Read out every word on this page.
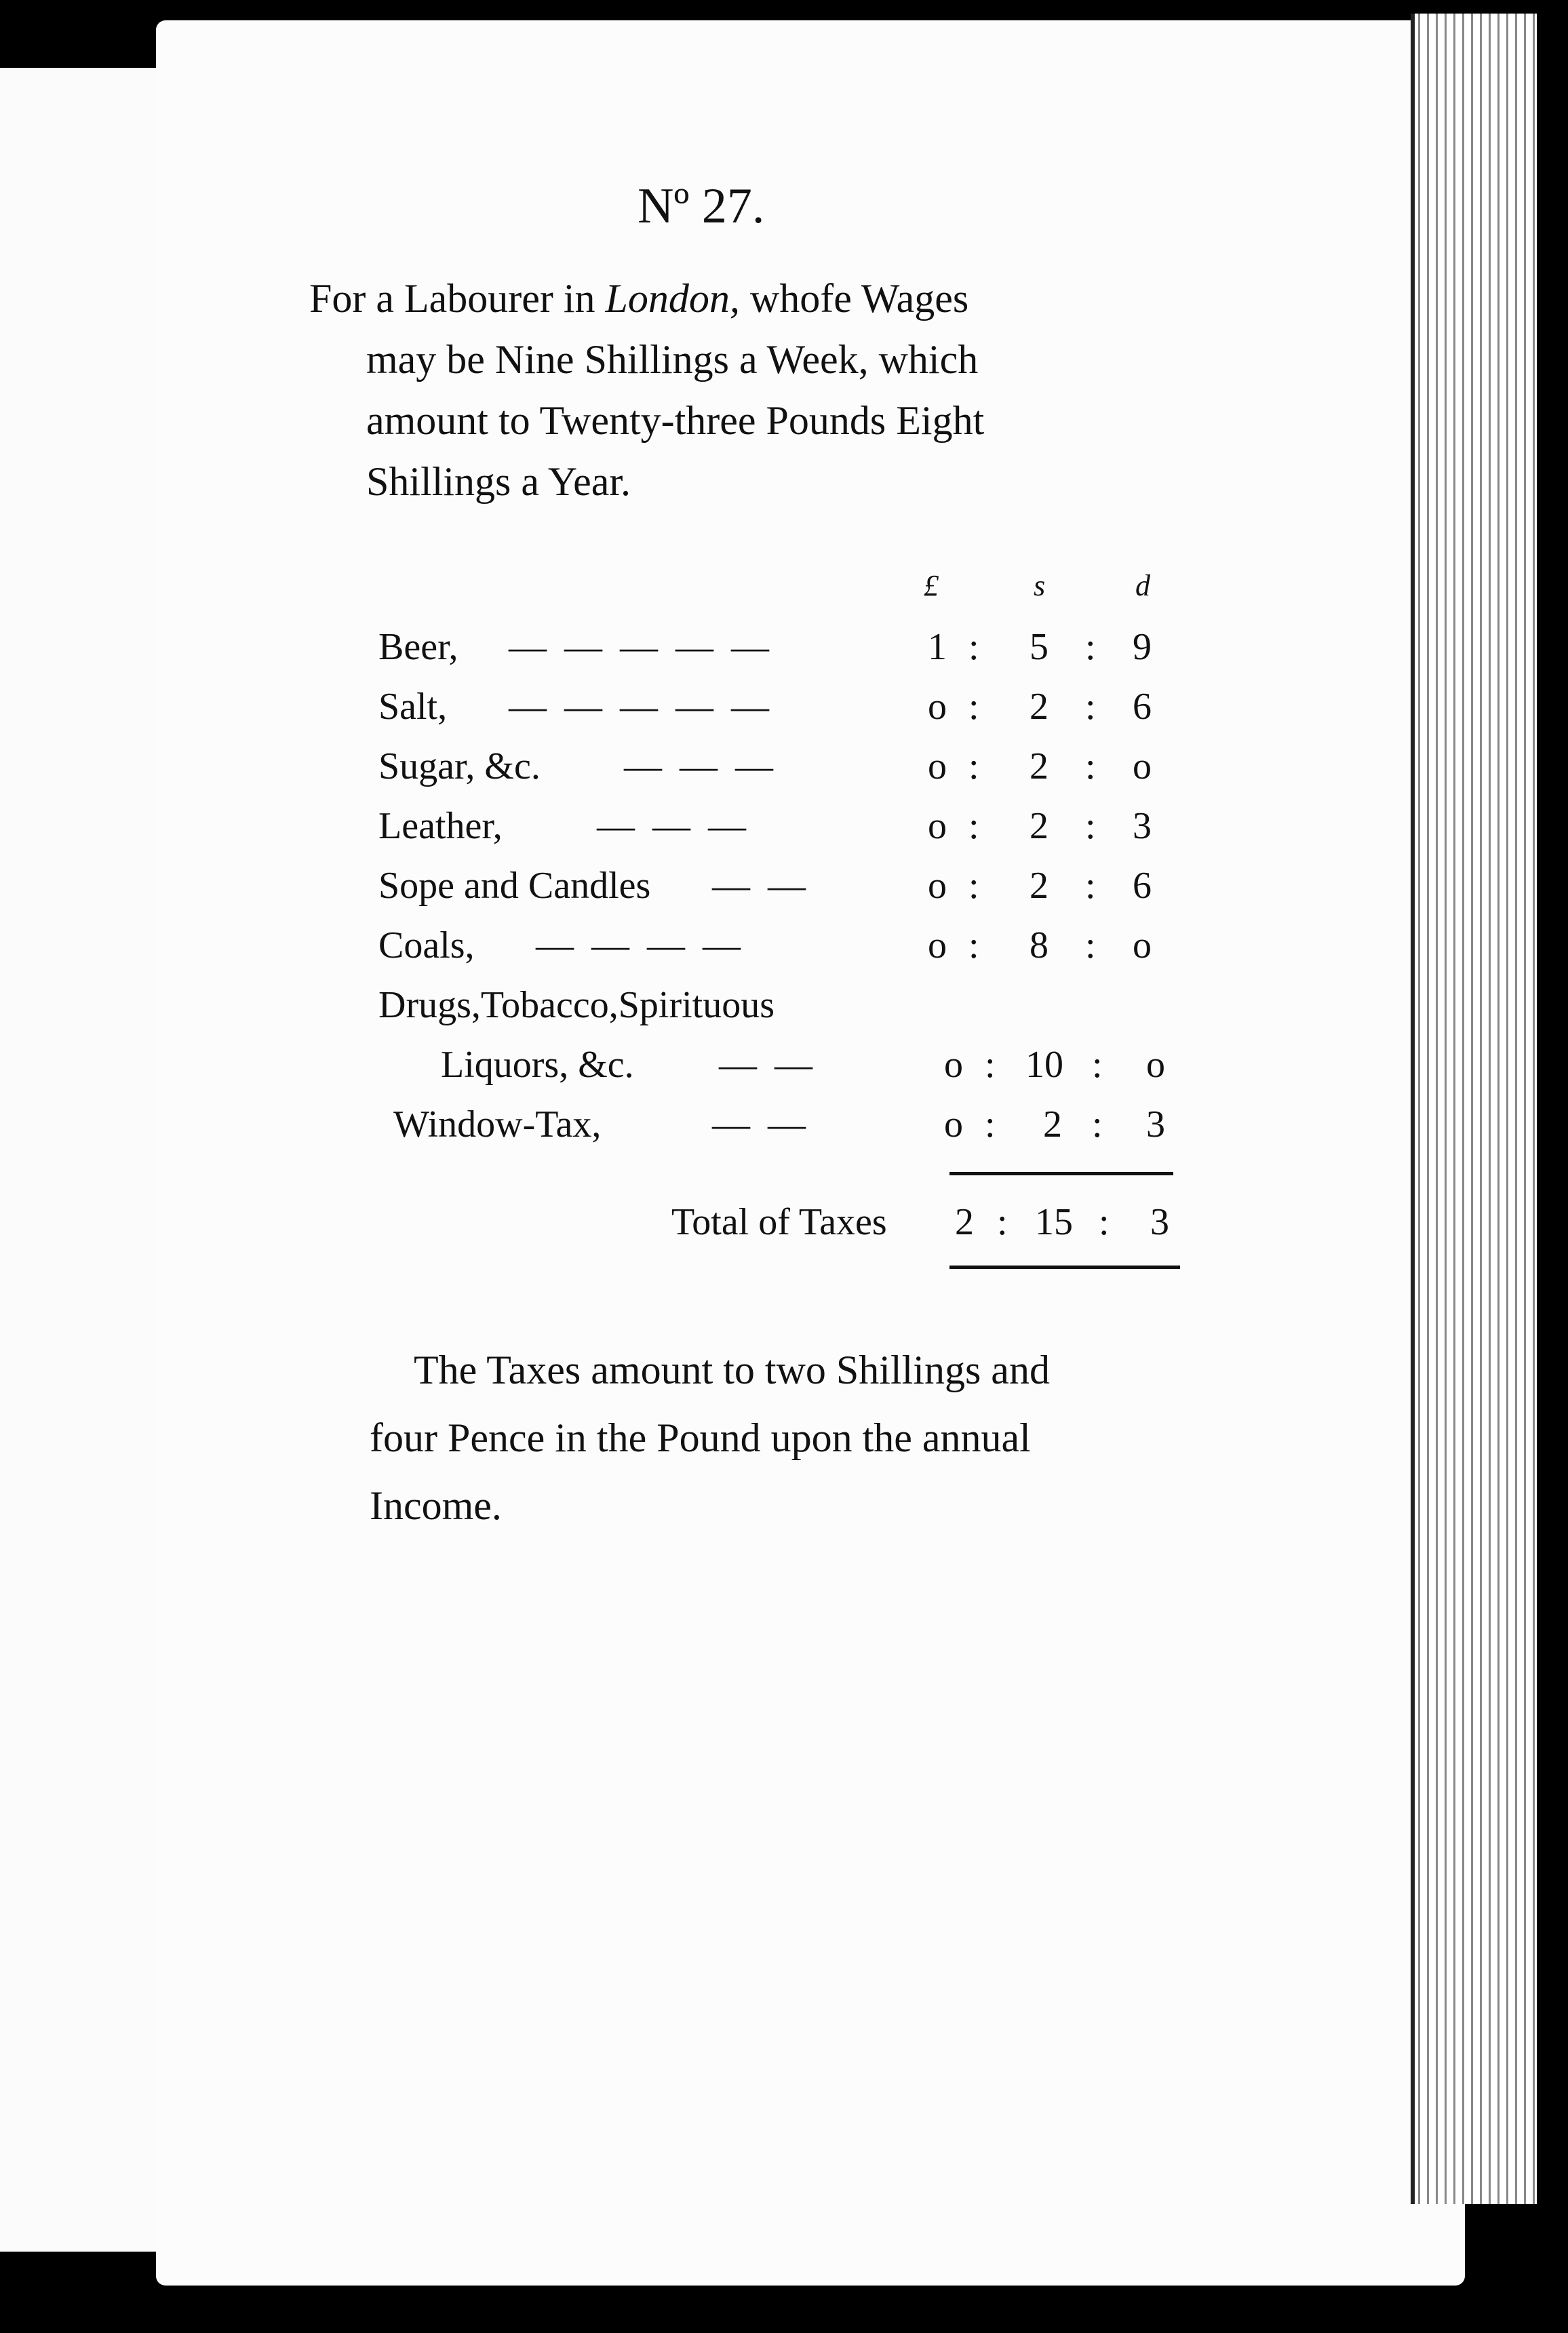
Nº 27.
For a Labourer in London, whofe Wages
may be Nine Shillings a Week, which
amount to Twenty-three Pounds Eight
Shillings a Year.
£	s	d
Beer, — — — — —	1 : 5 : 9
Salt, — — — — —	o : 2 : 6
Sugar, &c. — — —	o : 2 : o
Leather, — — —	o : 2 : 3
Sope and Candles — —	o : 2 : 6
Coals, — — — —	o : 8 : o
Drugs,Tobacco,Spirituous
Liquors, &c. — —	o : 10 : o
Window-Tax,	— —	o : 2 : 3
Total of Taxes 2 : 15 : 3
The Taxes amount to two Shillings and
four Pence in the Pound upon the annual
Income.
